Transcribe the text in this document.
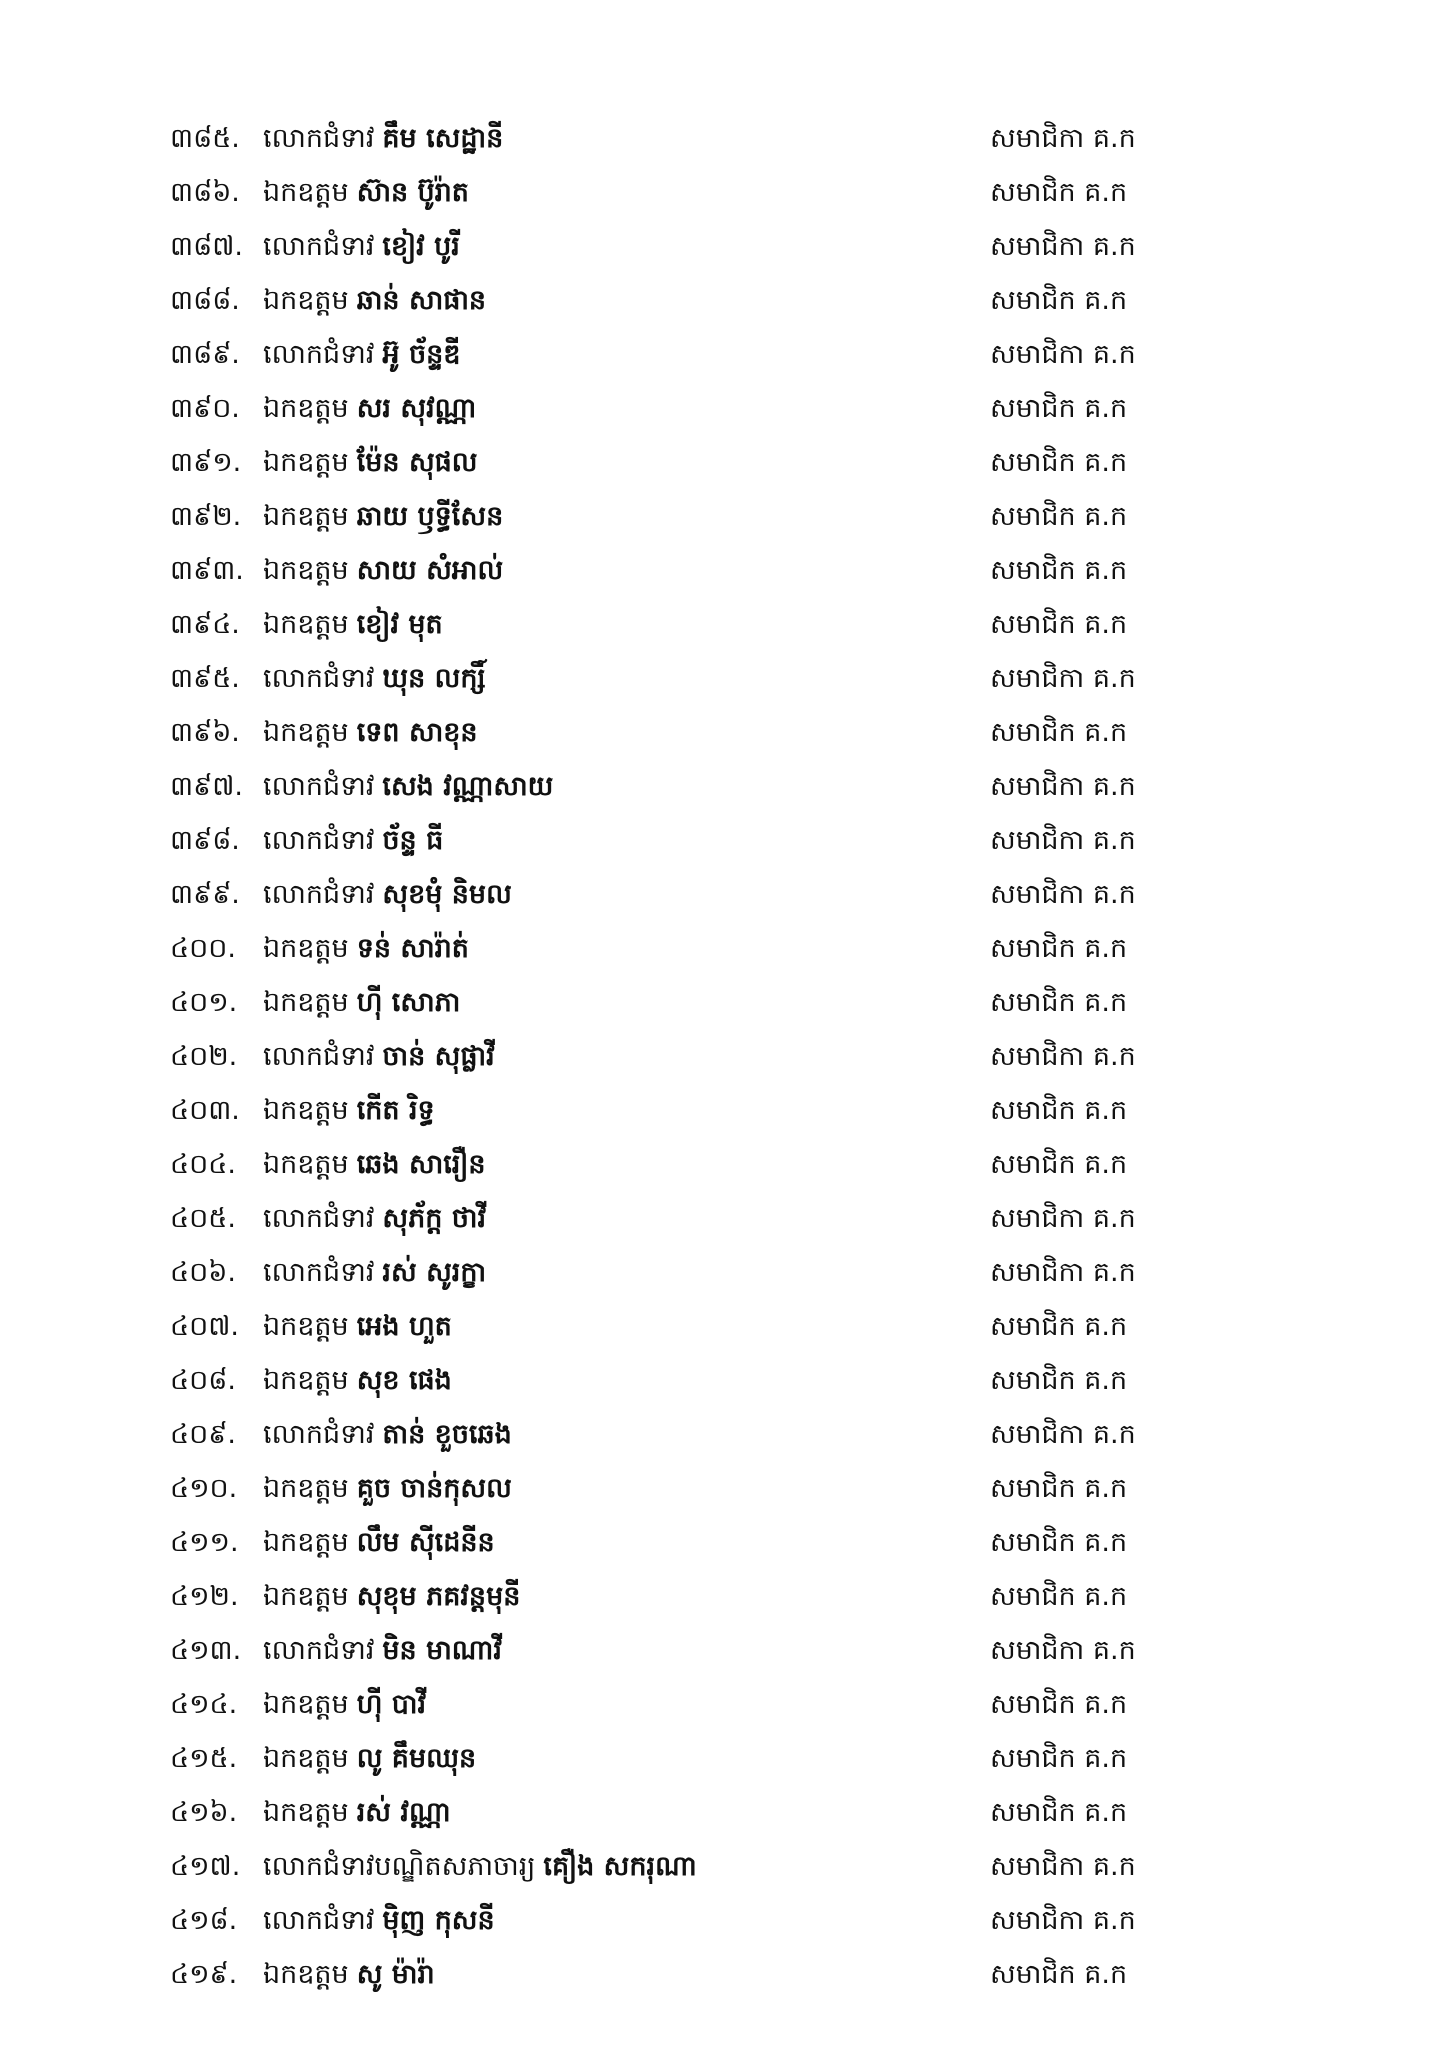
៣៨៥. លោកជំទាវ គឹម សេដ្ឋានី	សមាជិកា គ.ក
៣៨៦. ឯកឧត្ដម ស៊ាន ប៊ូរ៉ាត	សមាជិក គ.ក
៣៨៧. លោកជំទាវ ខៀវ បូរី	សមាជិកា គ.ក
៣៨៨. ឯកឧត្ដម ឆាន់ សាផាន	សមាជិក គ.ក
៣៨៩. លោកជំទាវ អ៊ូ ច័ន្ទឌី	សមាជិកា គ.ក
៣៩០. ឯកឧត្ដម សរ សុវណ្ណា	សមាជិក គ.ក
៣៩១. ឯកឧត្ដម ម៉ែន សុផល	សមាជិក គ.ក
៣៩២. ឯកឧត្ដម ឆាយ ឫទ្ធីសែន	សមាជិក គ.ក
៣៩៣. ឯកឧត្ដម សាយ សំអាល់	សមាជិក គ.ក
៣៩៤. ឯកឧត្ដម ខៀវ មុត	សមាជិក គ.ក
៣៩៥. លោកជំទាវ ឃុន លក្សិ៍	សមាជិកា គ.ក
៣៩៦. ឯកឧត្ដម ទេព សាខុន	សមាជិក គ.ក
៣៩៧. លោកជំទាវ សេង វណ្ណាសាយ	សមាជិកា គ.ក
៣៩៨. លោកជំទាវ ច័ន្ទ ធី	សមាជិកា គ.ក
៣៩៩. លោកជំទាវ សុខមុំ និមល	សមាជិកា គ.ក
៤០០. ឯកឧត្ដម ទន់ សារ៉ាត់	សមាជិក គ.ក
៤០១. ឯកឧត្ដម ហ៊ី សោភា	សមាជិក គ.ក
៤០២. លោកជំទាវ ចាន់ សុផ្លាវី	សមាជិកា គ.ក
៤០៣. ឯកឧត្ដម កើត រិទ្ធ	សមាជិក គ.ក
៤០៤. ឯកឧត្ដម ឆេង សារឿន	សមាជិក គ.ក
៤០៥. លោកជំទាវ សុភ័ក្ដ ថាវី	សមាជិកា គ.ក
៤០៦. លោកជំទាវ រស់ សូរក្ខា	សមាជិកា គ.ក
៤០៧. ឯកឧត្ដម អេង ហួត	សមាជិក គ.ក
៤០៨. ឯកឧត្ដម សុខ ផេង	សមាជិក គ.ក
៤០៩. លោកជំទាវ តាន់ ខួចឆេង	សមាជិកា គ.ក
៤១០. ឯកឧត្ដម គួច ចាន់កុសល	សមាជិក គ.ក
៤១១. ឯកឧត្ដម លឹម ស៊ីដេនីន	សមាជិក គ.ក
៤១២. ឯកឧត្ដម សុខុម ភគវន្ដមុនី	សមាជិក គ.ក
៤១៣. លោកជំទាវ មិន មាណាវី	សមាជិកា គ.ក
៤១៤. ឯកឧត្ដម ហ៊ី បាវី	សមាជិក គ.ក
៤១៥. ឯកឧត្ដម លូ គឹមឈុន	សមាជិក គ.ក
៤១៦. ឯកឧត្ដម រស់ វណ្ណា	សមាជិក គ.ក
៤១៧. លោកជំទាវបណ្ឌិតសភាចារ្យ គឿង សករុណា	សមាជិកា គ.ក
៤១៨. លោកជំទាវ ម៉ិញ កុសនី	សមាជិកា គ.ក
៤១៩. ឯកឧត្ដម សូ ម៉ារ៉ា	សមាជិក គ.ក
